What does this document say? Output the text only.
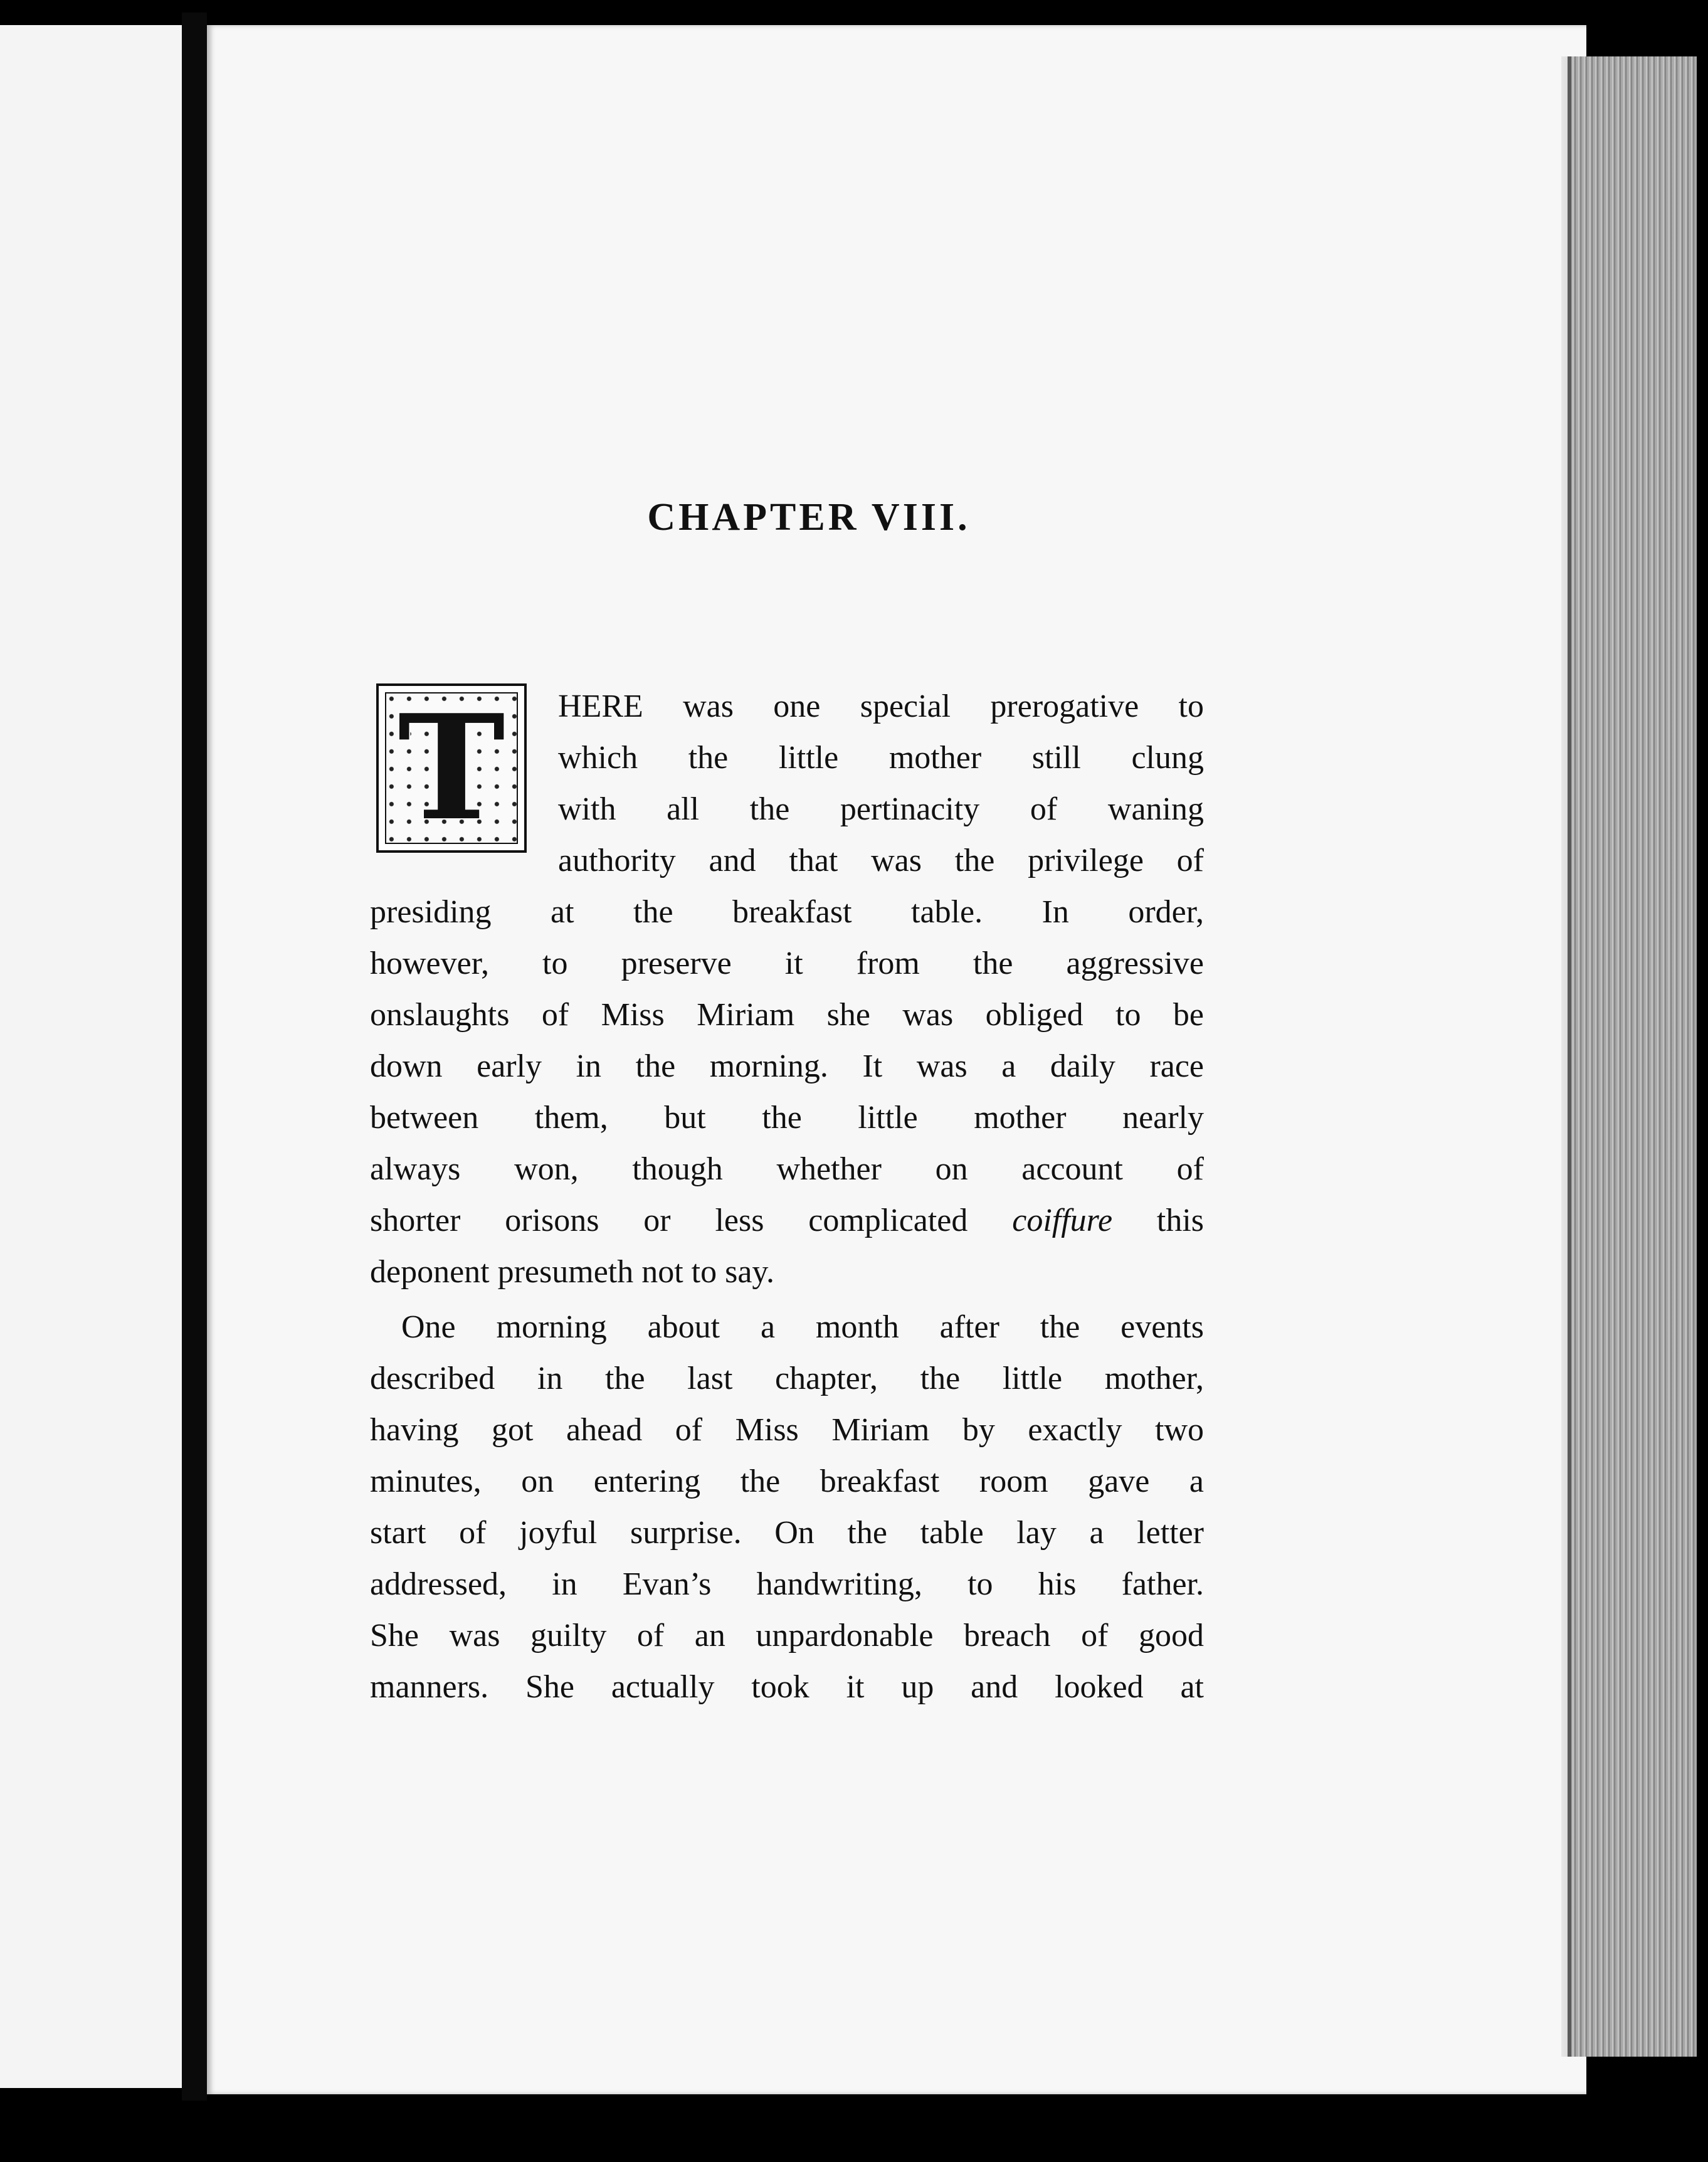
CHAPTER VIII.
T	HERE was one special prerogative to
which the little mother still clung
with all the pertinacity of waning
authority and that was the privilege of
presiding at the breakfast table. In order,
however, to preserve it from the aggressive
onslaughts of Miss Miriam she was obliged to be
down early in the morning. It was a daily race
between them, but the little mother nearly
always won, though whether on account of
shorter orisons or less complicated coiffure this
deponent presumeth not to say.

One morning about a month after the events
described in the last chapter, the little mother,
having got ahead of Miss Miriam by exactly two
minutes, on entering the breakfast room gave a
start of joyful surprise. On the table lay a letter
addressed, in Evan’s handwriting, to his father.
She was guilty of an unpardonable breach of good
manners. She actually took it up and looked at
